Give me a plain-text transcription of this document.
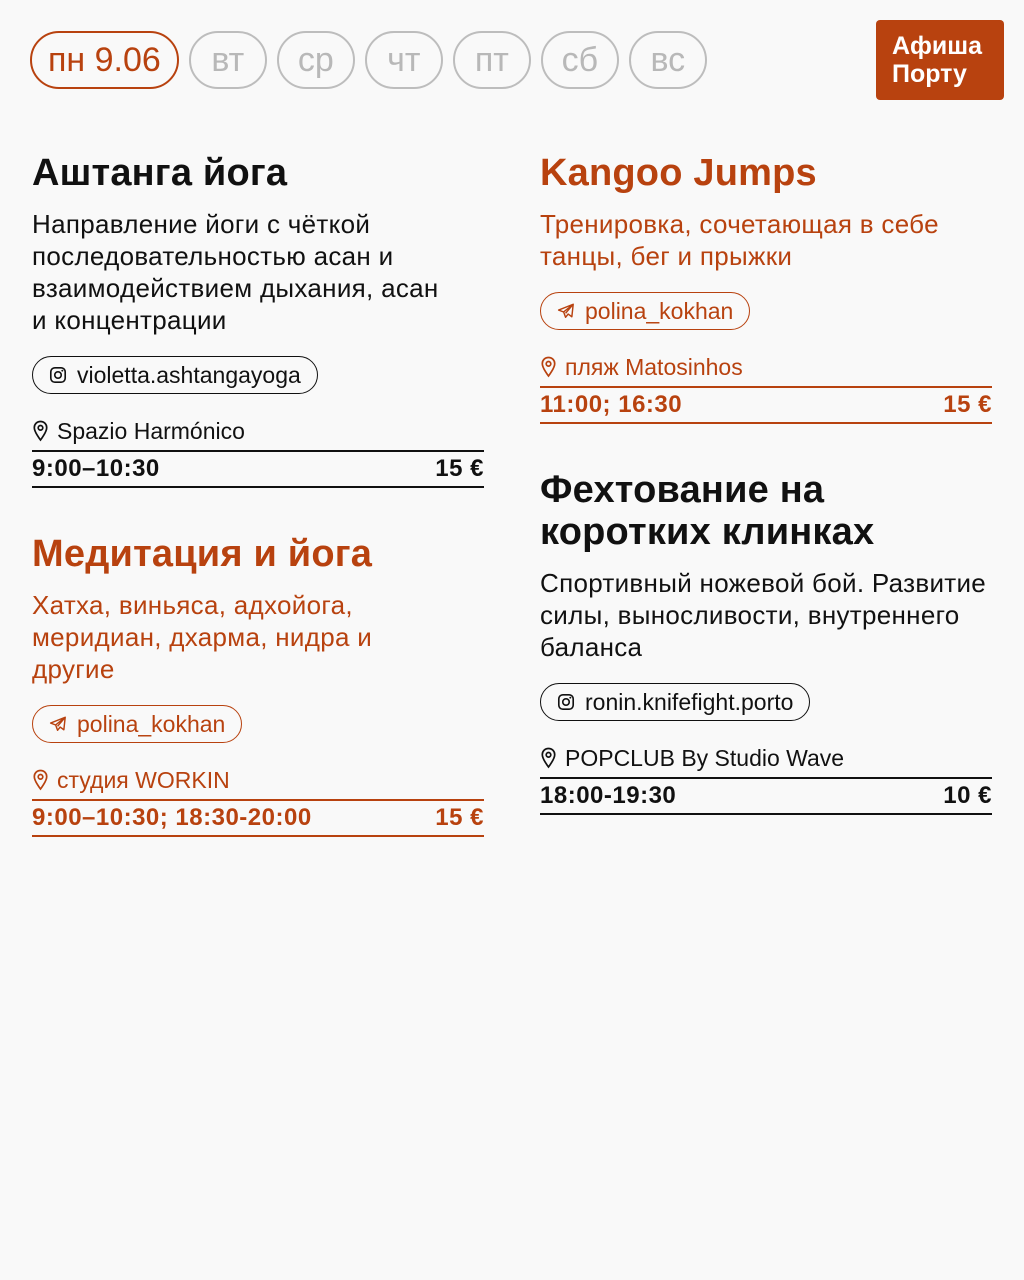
пн 9.06	вт	ср	чт	пт	сб	вс	Афиша
Порту
Аштанга йога
Направление йоги с чёткой последовательностью асан и взаимодействием дыхания, асан и концентрации
violetta.ashtangayoga
Spazio Harmónico
9:00–10:30	15 €
Медитация и йога
Хатха, виньяса, адхойога, меридиан, дхарма, нидра и другие
polina_kokhan
студия WORKIN
9:00–10:30; 18:30-20:00	15 €
Kangoo Jumps
Тренировка, сочетающая в себе танцы, бег и прыжки
polina_kokhan
пляж Matosinhos
11:00; 16:30	15 €
Фехтование на коротких клинках
Спортивный ножевой бой. Развитие силы, выносливости, внутреннего баланса
ronin.knifefight.porto
POPCLUB By Studio Wave
18:00-19:30	10 €
